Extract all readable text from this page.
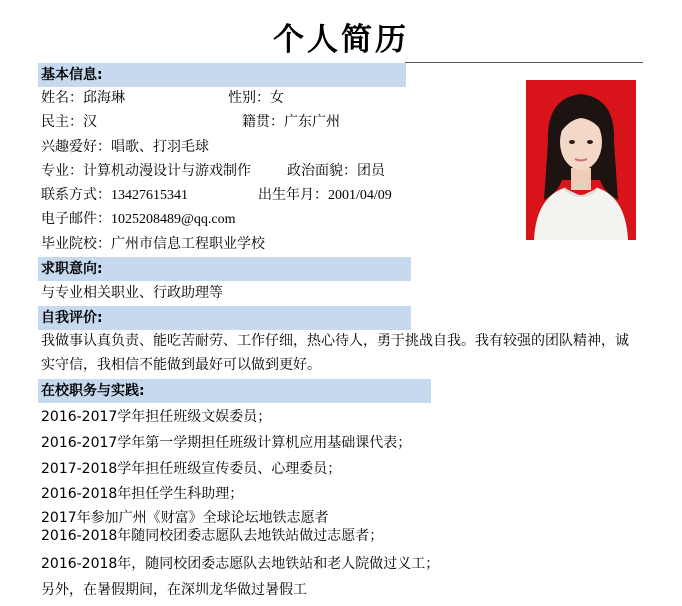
个人简历
基本信息:
姓名：邱海琳	性别：女
民主：汉	籍贯：广东广州
兴趣爱好：唱歌、打羽毛球
专业：计算机动漫设计与游戏制作	政治面貌：团员
联系方式：13427615341	出生年月：2001/04/09
电子邮件：1025208489@qq.com
毕业院校：广州市信息工程职业学校
求职意向:
与专业相关职业、行政助理等
自我评价:
我做事认真负责、能吃苦耐劳、工作仔细，热心待人，勇于挑战自我。我有较强的团队精神，诚实守信，我相信不能做到最好可以做到更好。
在校职务与实践:
2016-2017学年担任班级文娱委员；
2016-2017学年第一学期担任班级计算机应用基础课代表；
2017-2018学年担任班级宣传委员、心理委员；
2016-2018年担任学生科助理；
2017年参加广州《财富》全球论坛地铁志愿者
2016-2018年随同校团委志愿队去地铁站做过志愿者；
2016-2018年，随同校团委志愿队去地铁站和老人院做过义工；
另外，在暑假期间，在深圳龙华做过暑假工
